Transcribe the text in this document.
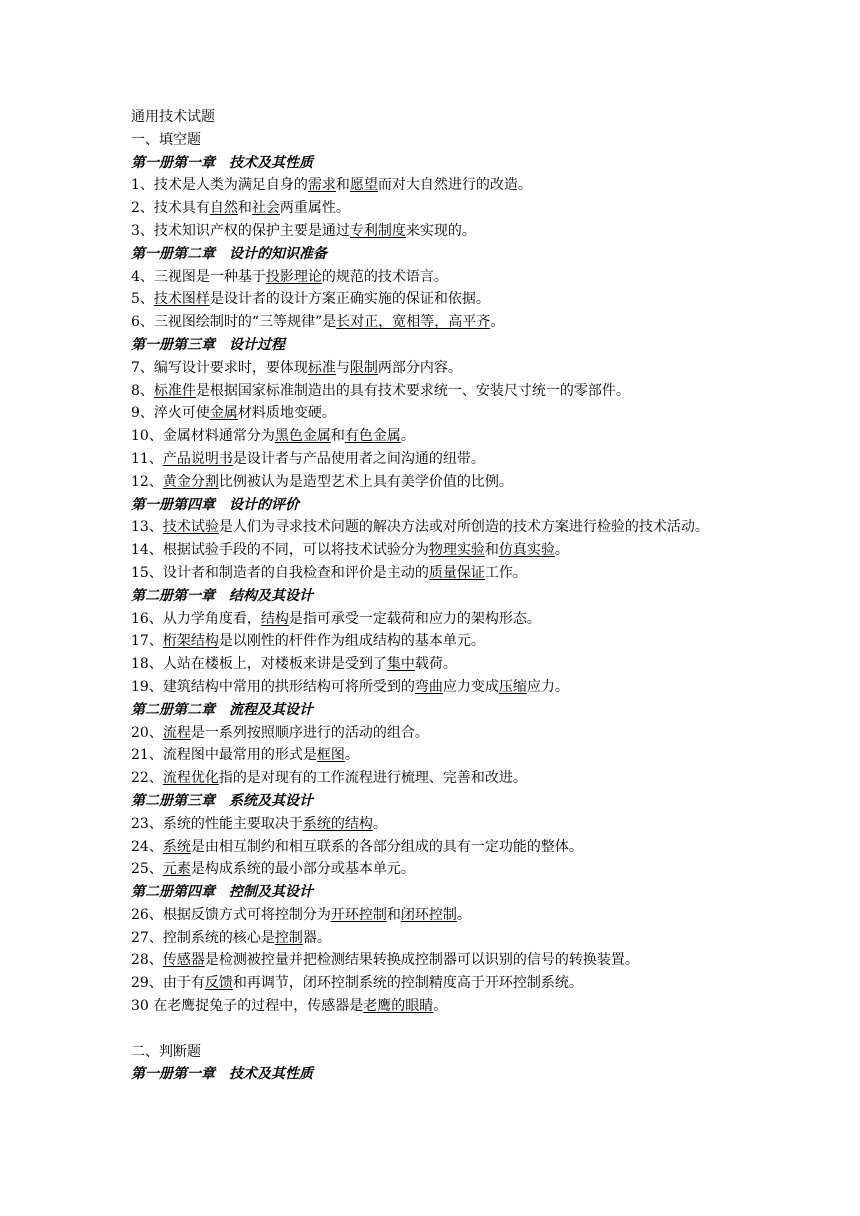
通用技术试题
一、填空题
第一册第一章　技术及其性质
1、技术是人类为满足自身的需求和愿望而对大自然进行的改造。
2、技术具有自然和社会两重属性。
3、技术知识产权的保护主要是通过专利制度来实现的。
第一册第二章　设计的知识准备
4、三视图是一种基于投影理论的规范的技术语言。
5、技术图样是设计者的设计方案正确实施的保证和依据。
6、三视图绘制时的“三等规律”是长对正，宽相等，高平齐。
第一册第三章　设计过程
7、编写设计要求时，要体现标准与限制两部分内容。
8、标准件是根据国家标准制造出的具有技术要求统一、安装尺寸统一的零部件。
9、淬火可使金属材料质地变硬。
10、金属材料通常分为黑色金属和有色金属。
11、产品说明书是设计者与产品使用者之间沟通的纽带。
12、黄金分割比例被认为是造型艺术上具有美学价值的比例。
第一册第四章　设计的评价
13、技术试验是人们为寻求技术问题的解决方法或对所创造的技术方案进行检验的技术活动。
14、根据试验手段的不同，可以将技术试验分为物理实验和仿真实验。
15、设计者和制造者的自我检查和评价是主动的质量保证工作。
第二册第一章　结构及其设计
16、从力学角度看，结构是指可承受一定载荷和应力的架构形态。
17、桁架结构是以刚性的杆件作为组成结构的基本单元。
18、人站在楼板上，对楼板来讲是受到了集中载荷。
19、建筑结构中常用的拱形结构可将所受到的弯曲应力变成压缩应力。
第二册第二章　流程及其设计
20、流程是一系列按照顺序进行的活动的组合。
21、流程图中最常用的形式是框图。
22、流程优化指的是对现有的工作流程进行梳理、完善和改进。
第二册第三章　系统及其设计
23、系统的性能主要取决于系统的结构。
24、系统是由相互制约和相互联系的各部分组成的具有一定功能的整体。
25、元素是构成系统的最小部分或基本单元。
第二册第四章　控制及其设计
26、根据反馈方式可将控制分为开环控制和闭环控制。
27、控制系统的核心是控制器。
28、传感器是检测被控量并把检测结果转换成控制器可以识别的信号的转换装置。
29、由于有反馈和再调节，闭环控制系统的控制精度高于开环控制系统。
30 在老鹰捉兔子的过程中，传感器是老鹰的眼睛。
二、判断题
第一册第一章　技术及其性质
